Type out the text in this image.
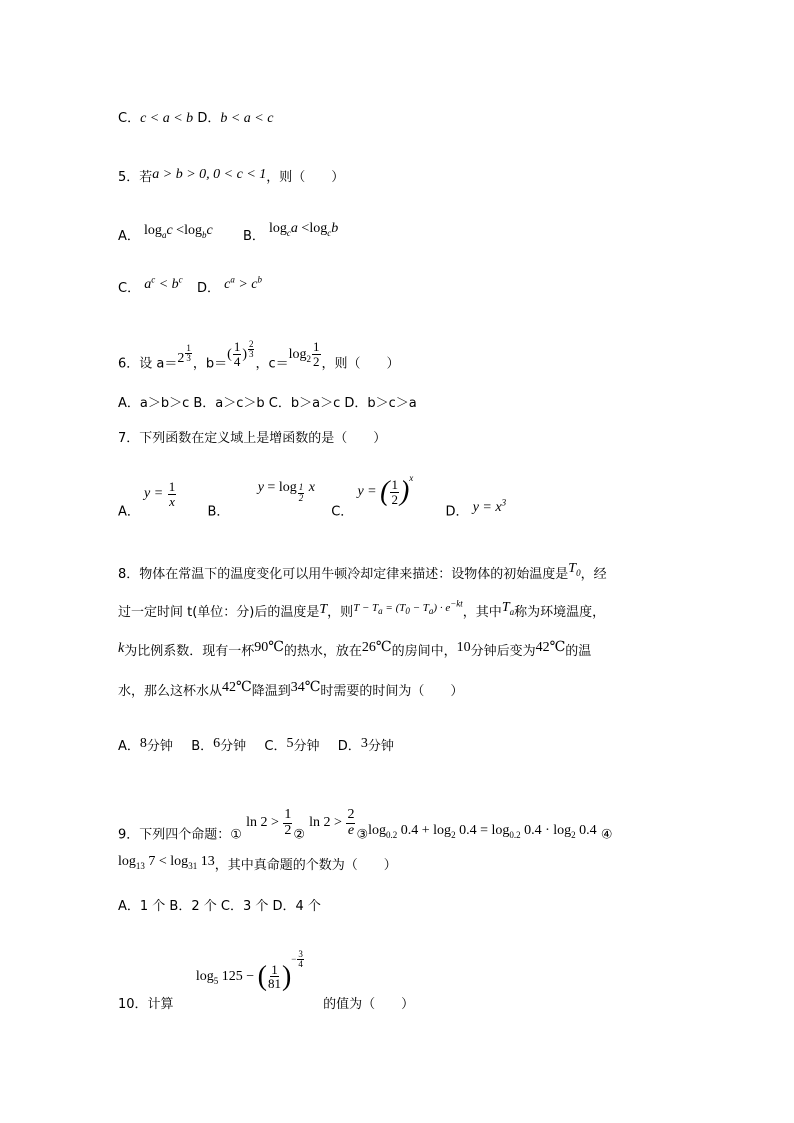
C．c < a < b D．b < a < c
5．若a > b > 0, 0 < c < 1，则（　　）
A． $\log_ac <\log_bc$ B． $\log_ca <\log_cb$
C． $a^c < b^c$  D． $c^a > c^b$
6．设 a＝2 $^{\frac{1}{3}}$
，$b=( \frac{1}{4}$ ) $^{\frac{2}{3}}$
，$c=\log_2 \frac{1}{2}$ ，则（　　）
A．a＞b＞c B．a＞c＞b C．b＞a＞c D．b＞c＞a
7．下列函数在定义域上是增函数的是（　　）
A． $y = \frac{1}{x}$
B．  y = log $_{\frac{1}{2}}$ x  C． y = ( $\frac{1}{2} )^x$  D． $y = x^3$
8．物体在常温下的温度变化可以用牛顿冷却定律来描述：设物体的初始温度是$T_0$，经
过一定时间 t(单位：分)后的温度是T，则$^{T - T_a = (T_0 - T_a) \cdot e^{-kt}}$，其中$T_a$称为环境温度，
k为比例系数．现有一杯90℃的热水，放在26℃的房间中，10分钟后变为42℃的温
水，那么这杯水从42℃降温到34℃时需要的时间为（　　）
A．8分钟 B．6分钟 C．5分钟 D．3分钟
9．下列四个命题：① $\ln 2 > \frac{1}{2}$ ② $\ln 2 > \frac{2}{e}$ $③\log_{0.2}$ $0.4 + \log_2 0.4 = \log_{0.2} 0.4 \cdot \log_2 0.4$ ④
$\log_{13} 7 < \log_{31} 13$，其中真命题的个数为（　　）
A．1 个 B．2 个 C．3 个 D．4 个
10．计算  $\log_5 125$ − ( $\frac{1}{81} )^{- \frac{3}{4}}$
的值为（　　）
